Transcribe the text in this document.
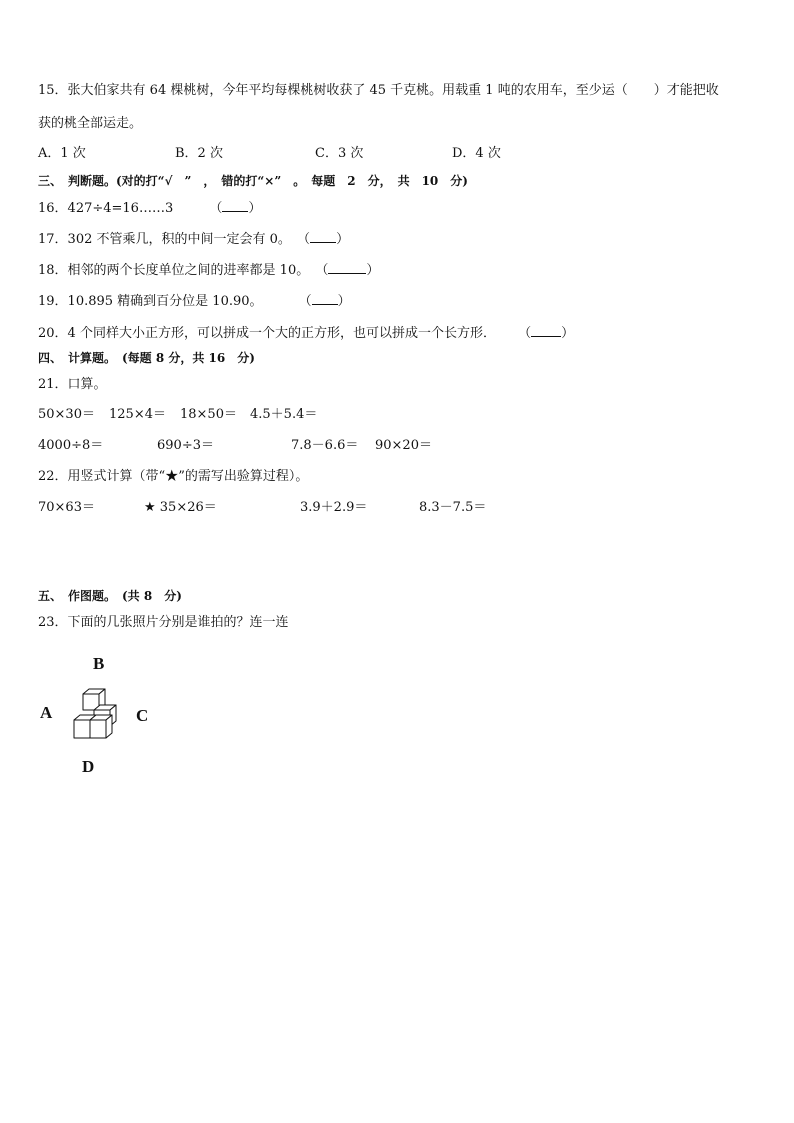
15．张大伯家共有 64 棵桃树，今年平均每棵桃树收获了 45 千克桃。用载重 1 吨的农用车，至少运（　　）才能把收
获的桃全部运走。
A．1 次	B．2 次	C．3 次	D．4 次
三、　判断题。(对的打“√　”　，　错的打“×”　。　每题　2　分，　共　10　分)
16．427÷4=16……3	（ ）
17．302 不管乘几，积的中间一定会有 0。 （ ）
18．相邻的两个长度单位之间的进率都是 10。 （	）
19．10.895 精确到百分位是 10.90。	（ ）
20．4 个同样大小正方形，可以拼成一个大的正方形，也可以拼成一个长方形． （ ）
四、　计算题。　(每题 8 分，共 16　分)
21．口算。
50×30＝ 125×4＝ 18×50＝ 4.5＋5.4＝
4000÷8＝	690÷3＝	7.8－6.6＝ 90×20＝
22．用竖式计算（带“★”的需写出验算过程）。
70×63＝	★ 35×26＝	3.9＋2.9＝	8.3－7.5＝
五、　作图题。　(共 8　分)
23．下面的几张照片分别是谁拍的？连一连
B
A	C
D
